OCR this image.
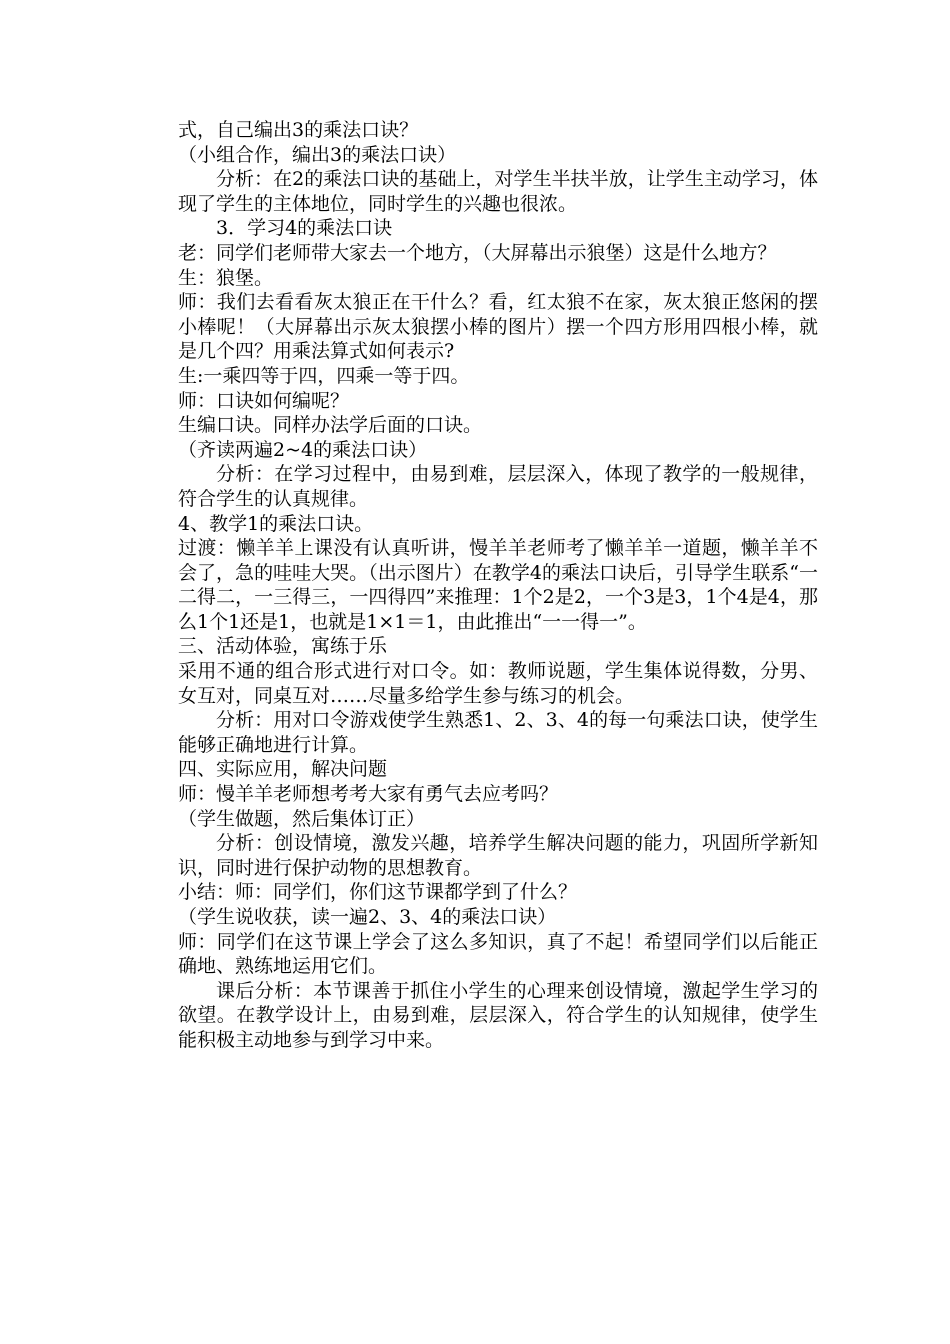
式，自己编出3的乘法口诀？

（小组合作，编出3的乘法口诀）

分析：在2的乘法口诀的基础上，对学生半扶半放，让学生主动学习，体现了学生的主体地位，同时学生的兴趣也很浓。

3．学习4的乘法口诀

老：同学们老师带大家去一个地方，（大屏幕出示狼堡）这是什么地方？

生：狼堡。

师：我们去看看灰太狼正在干什么？看，红太狼不在家，灰太狼正悠闲的摆小棒呢！（大屏幕出示灰太狼摆小棒的图片）摆一个四方形用四根小棒，就是几个四？用乘法算式如何表示?

生:一乘四等于四，四乘一等于四。

师：口诀如何编呢？

生编口诀。同样办法学后面的口诀。

（齐读两遍2~4的乘法口诀）

分析：在学习过程中，由易到难，层层深入，体现了教学的一般规律，符合学生的认真规律。

4、教学1的乘法口诀。

过渡：懒羊羊上课没有认真听讲，慢羊羊老师考了懒羊羊一道题，懒羊羊不会了，急的哇哇大哭。（出示图片）在教学4的乘法口诀后，引导学生联系“一二得二，一三得三，一四得四”来推理：1个2是2，一个3是3，1个4是4，那么1个1还是1，也就是1×1＝1，由此推出“一一得一”。

三、活动体验，寓练于乐

采用不通的组合形式进行对口令。如：教师说题，学生集体说得数，分男、女互对，同桌互对……尽量多给学生参与练习的机会。

分析：用对口令游戏使学生熟悉1、2、3、4的每一句乘法口诀，使学生能够正确地进行计算。

四、实际应用，解决问题

师：慢羊羊老师想考考大家有勇气去应考吗？

（学生做题，然后集体订正）

分析：创设情境，激发兴趣，培养学生解决问题的能力，巩固所学新知识，同时进行保护动物的思想教育。

小结：师：同学们，你们这节课都学到了什么？

（学生说收获，读一遍2、3、4的乘法口诀）

师：同学们在这节课上学会了这么多知识，真了不起！希望同学们以后能正确地、熟练地运用它们。

课后分析：本节课善于抓住小学生的心理来创设情境，激起学生学习的欲望。在教学设计上，由易到难，层层深入，符合学生的认知规律，使学生能积极主动地参与到学习中来。
